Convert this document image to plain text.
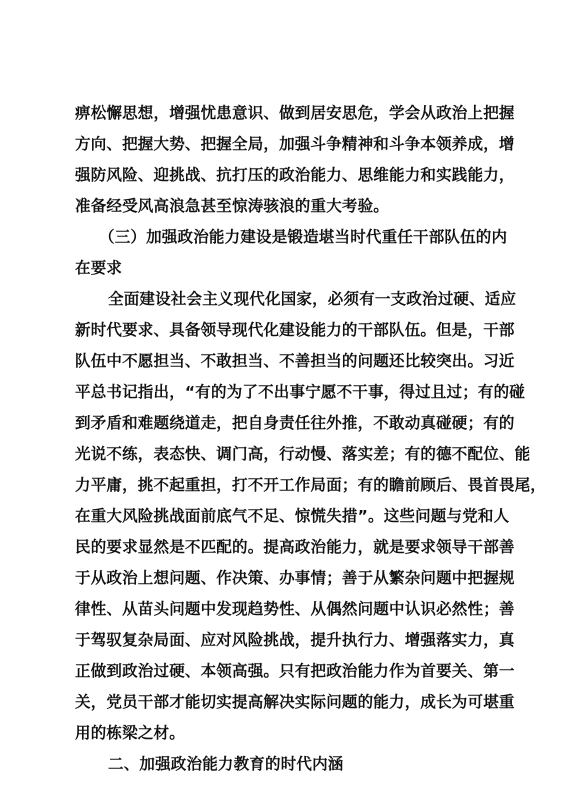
痹松懈思想，增强忧患意识、做到居安思危，学会从政治上把握
方向、把握大势、把握全局，加强斗争精神和斗争本领养成，增
强防风险、迎挑战、抗打压的政治能力、思维能力和实践能力，
准备经受风高浪急甚至惊涛骇浪的重大考验。
（三）加强政治能力建设是锻造堪当时代重任干部队伍的内
在要求
全面建设社会主义现代化国家，必须有一支政治过硬、适应
新时代要求、具备领导现代化建设能力的干部队伍。但是，干部
队伍中不愿担当、不敢担当、不善担当的问题还比较突出。习近
平总书记指出，“有的为了不出事宁愿不干事，得过且过；有的碰
到矛盾和难题绕道走，把自身责任往外推，不敢动真碰硬；有的
光说不练，表态快、调门高，行动慢、落实差；有的德不配位、能
力平庸，挑不起重担，打不开工作局面；有的瞻前顾后、畏首畏尾，
在重大风险挑战面前底气不足、惊慌失措”。这些问题与党和人
民的要求显然是不匹配的。提高政治能力，就是要求领导干部善
于从政治上想问题、作决策、办事情；善于从繁杂问题中把握规
律性、从苗头问题中发现趋势性、从偶然问题中认识必然性；善
于驾驭复杂局面、应对风险挑战，提升执行力、增强落实力，真
正做到政治过硬、本领高强。只有把政治能力作为首要关、第一
关，党员干部才能切实提高解决实际问题的能力，成长为可堪重
用的栋梁之材。
二、加强政治能力教育的时代内涵
